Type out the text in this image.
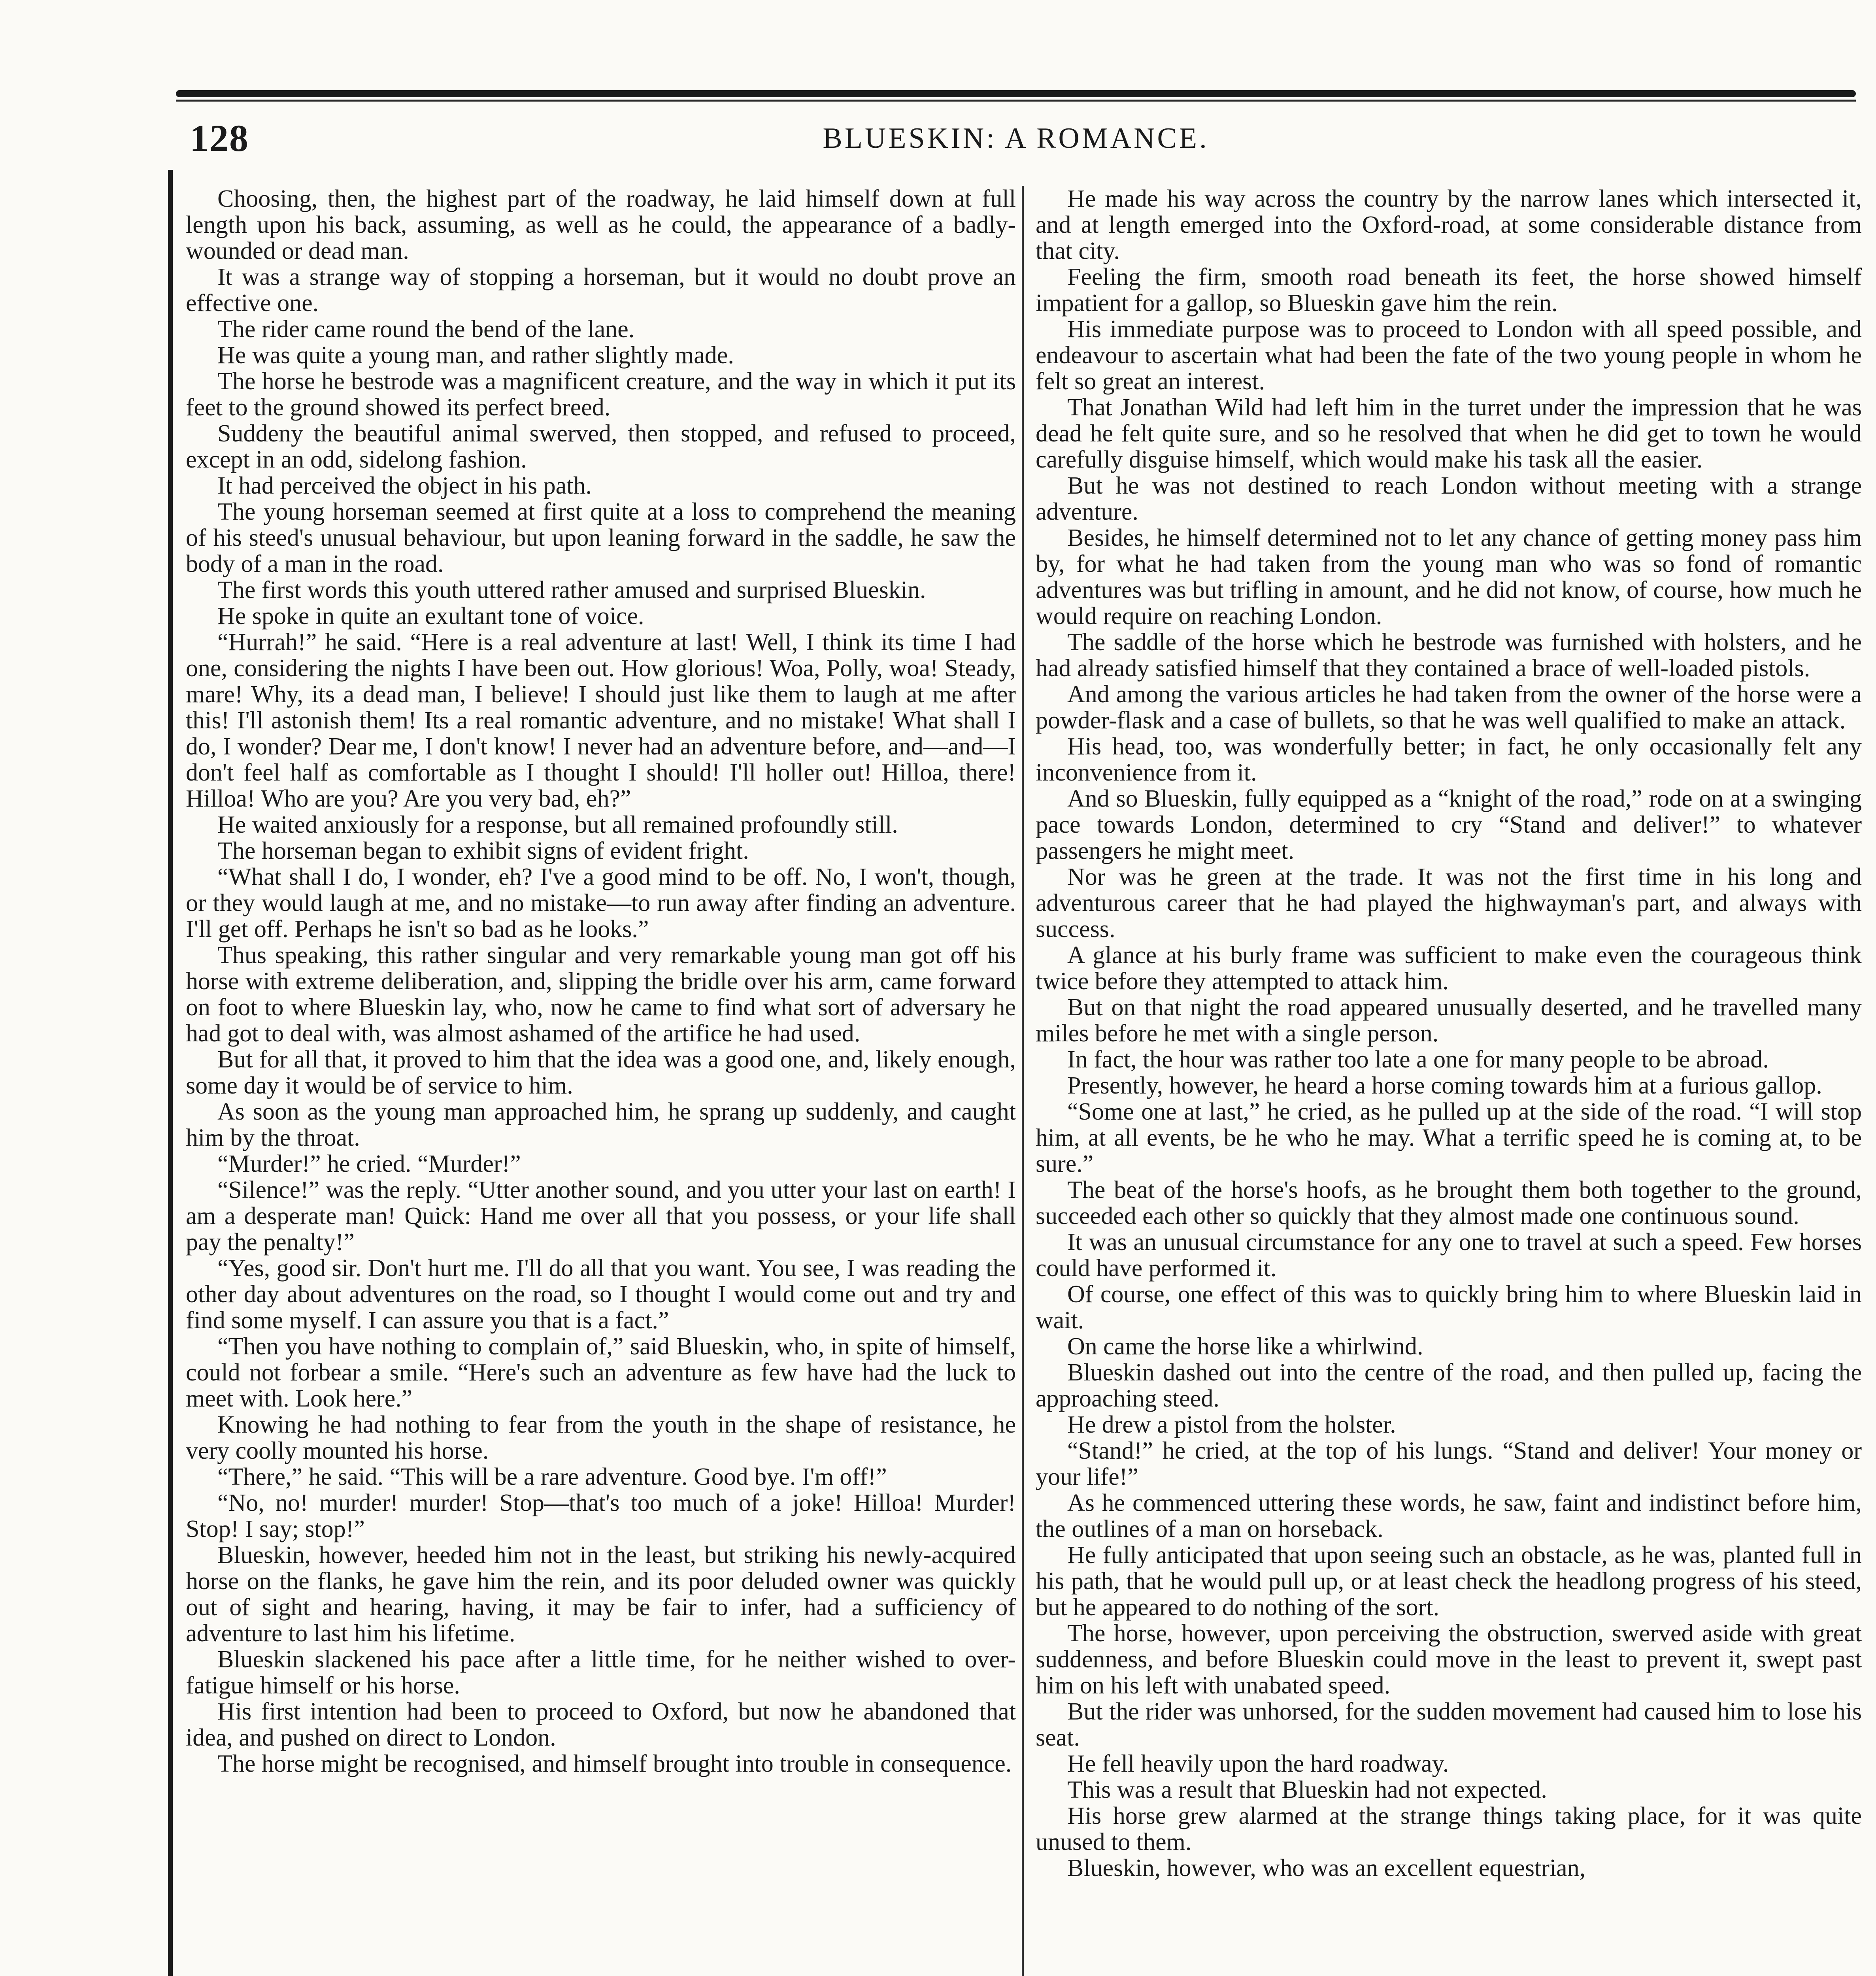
128	BLUESKIN: A ROMANCE.

Choosing, then, the highest part of the roadway, he laid himself down at full length upon his back, assuming, as well as he could, the appearance of a badly-wounded or dead man.

It was a strange way of stopping a horseman, but it would no doubt prove an effective one.

The rider came round the bend of the lane.

He was quite a young man, and rather slightly made.

The horse he bestrode was a magnificent creature, and the way in which it put its feet to the ground showed its perfect breed.

Suddeny the beautiful animal swerved, then stopped, and refused to proceed, except in an odd, sidelong fashion.

It had perceived the object in his path.

The young horseman seemed at first quite at a loss to comprehend the meaning of his steed's unusual behaviour, but upon leaning forward in the saddle, he saw the body of a man in the road.

The first words this youth uttered rather amused and surprised Blueskin.

He spoke in quite an exultant tone of voice.

“Hurrah!” he said. “Here is a real adventure at last! Well, I think its time I had one, considering the nights I have been out. How glorious! Woa, Polly, woa! Steady, mare! Why, its a dead man, I believe! I should just like them to laugh at me after this! I'll astonish them! Its a real romantic adventure, and no mistake! What shall I do, I wonder? Dear me, I don't know! I never had an adventure before, and—and—I don't feel half as comfortable as I thought I should! I'll holler out! Hilloa, there! Hilloa! Who are you? Are you very bad, eh?”

He waited anxiously for a response, but all remained profoundly still.

The horseman began to exhibit signs of evident fright.

“What shall I do, I wonder, eh? I've a good mind to be off. No, I won't, though, or they would laugh at me, and no mistake—to run away after finding an adventure. I'll get off. Perhaps he isn't so bad as he looks.”

Thus speaking, this rather singular and very remarkable young man got off his horse with extreme deliberation, and, slipping the bridle over his arm, came forward on foot to where Blueskin lay, who, now he came to find what sort of adversary he had got to deal with, was almost ashamed of the artifice he had used.

But for all that, it proved to him that the idea was a good one, and, likely enough, some day it would be of service to him.

As soon as the young man approached him, he sprang up suddenly, and caught him by the throat.

“Murder!” he cried. “Murder!”

“Silence!” was the reply. “Utter another sound, and you utter your last on earth! I am a desperate man! Quick: Hand me over all that you possess, or your life shall pay the penalty!”

“Yes, good sir. Don't hurt me. I'll do all that you want. You see, I was reading the other day about adventures on the road, so I thought I would come out and try and find some myself. I can assure you that is a fact.”

“Then you have nothing to complain of,” said Blueskin, who, in spite of himself, could not forbear a smile. “Here's such an adventure as few have had the luck to meet with. Look here.”

Knowing he had nothing to fear from the youth in the shape of resistance, he very coolly mounted his horse.

“There,” he said. “This will be a rare adventure. Good bye. I'm off!”

“No, no! murder! murder! Stop—that's too much of a joke! Hilloa! Murder! Stop! I say; stop!”

Blueskin, however, heeded him not in the least, but striking his newly-acquired horse on the flanks, he gave him the rein, and its poor deluded owner was quickly out of sight and hearing, having, it may be fair to infer, had a sufficiency of adventure to last him his lifetime.

Blueskin slackened his pace after a little time, for he neither wished to over-fatigue himself or his horse.

His first intention had been to proceed to Oxford, but now he abandoned that idea, and pushed on direct to London.

The horse might be recognised, and himself brought into trouble in consequence.

He made his way across the country by the narrow lanes which intersected it, and at length emerged into the Oxford-road, at some considerable distance from that city.

Feeling the firm, smooth road beneath its feet, the horse showed himself impatient for a gallop, so Blueskin gave him the rein.

His immediate purpose was to proceed to London with all speed possible, and endeavour to ascertain what had been the fate of the two young people in whom he felt so great an interest.

That Jonathan Wild had left him in the turret under the impression that he was dead he felt quite sure, and so he resolved that when he did get to town he would carefully disguise himself, which would make his task all the easier.

But he was not destined to reach London without meeting with a strange adventure.

Besides, he himself determined not to let any chance of getting money pass him by, for what he had taken from the young man who was so fond of romantic adventures was but trifling in amount, and he did not know, of course, how much he would require on reaching London.

The saddle of the horse which he bestrode was furnished with holsters, and he had already satisfied himself that they contained a brace of well-loaded pistols.

And among the various articles he had taken from the owner of the horse were a powder-flask and a case of bullets, so that he was well qualified to make an attack.

His head, too, was wonderfully better; in fact, he only occasionally felt any inconvenience from it.

And so Blueskin, fully equipped as a “knight of the road,” rode on at a swinging pace towards London, determined to cry “Stand and deliver!” to whatever passengers he might meet.

Nor was he green at the trade. It was not the first time in his long and adventurous career that he had played the highwayman's part, and always with success.

A glance at his burly frame was sufficient to make even the courageous think twice before they attempted to attack him.

But on that night the road appeared unusually deserted, and he travelled many miles before he met with a single person.

In fact, the hour was rather too late a one for many people to be abroad.

Presently, however, he heard a horse coming towards him at a furious gallop.

“Some one at last,” he cried, as he pulled up at the side of the road. “I will stop him, at all events, be he who he may. What a terrific speed he is coming at, to be sure.”

The beat of the horse's hoofs, as he brought them both together to the ground, succeeded each other so quickly that they almost made one continuous sound.

It was an unusual circumstance for any one to travel at such a speed. Few horses could have performed it.

Of course, one effect of this was to quickly bring him to where Blueskin laid in wait.

On came the horse like a whirlwind.

Blueskin dashed out into the centre of the road, and then pulled up, facing the approaching steed.

He drew a pistol from the holster.

“Stand!” he cried, at the top of his lungs. “Stand and deliver! Your money or your life!”

As he commenced uttering these words, he saw, faint and indistinct before him, the outlines of a man on horseback.

He fully anticipated that upon seeing such an obstacle, as he was, planted full in his path, that he would pull up, or at least check the headlong progress of his steed, but he appeared to do nothing of the sort.

The horse, however, upon perceiving the obstruction, swerved aside with great suddenness, and before Blueskin could move in the least to prevent it, swept past him on his left with unabated speed.

But the rider was unhorsed, for the sudden movement had caused him to lose his seat.

He fell heavily upon the hard roadway.

This was a result that Blueskin had not expected.

His horse grew alarmed at the strange things taking place, for it was quite unused to them.

Blueskin, however, who was an excellent equestrian,
